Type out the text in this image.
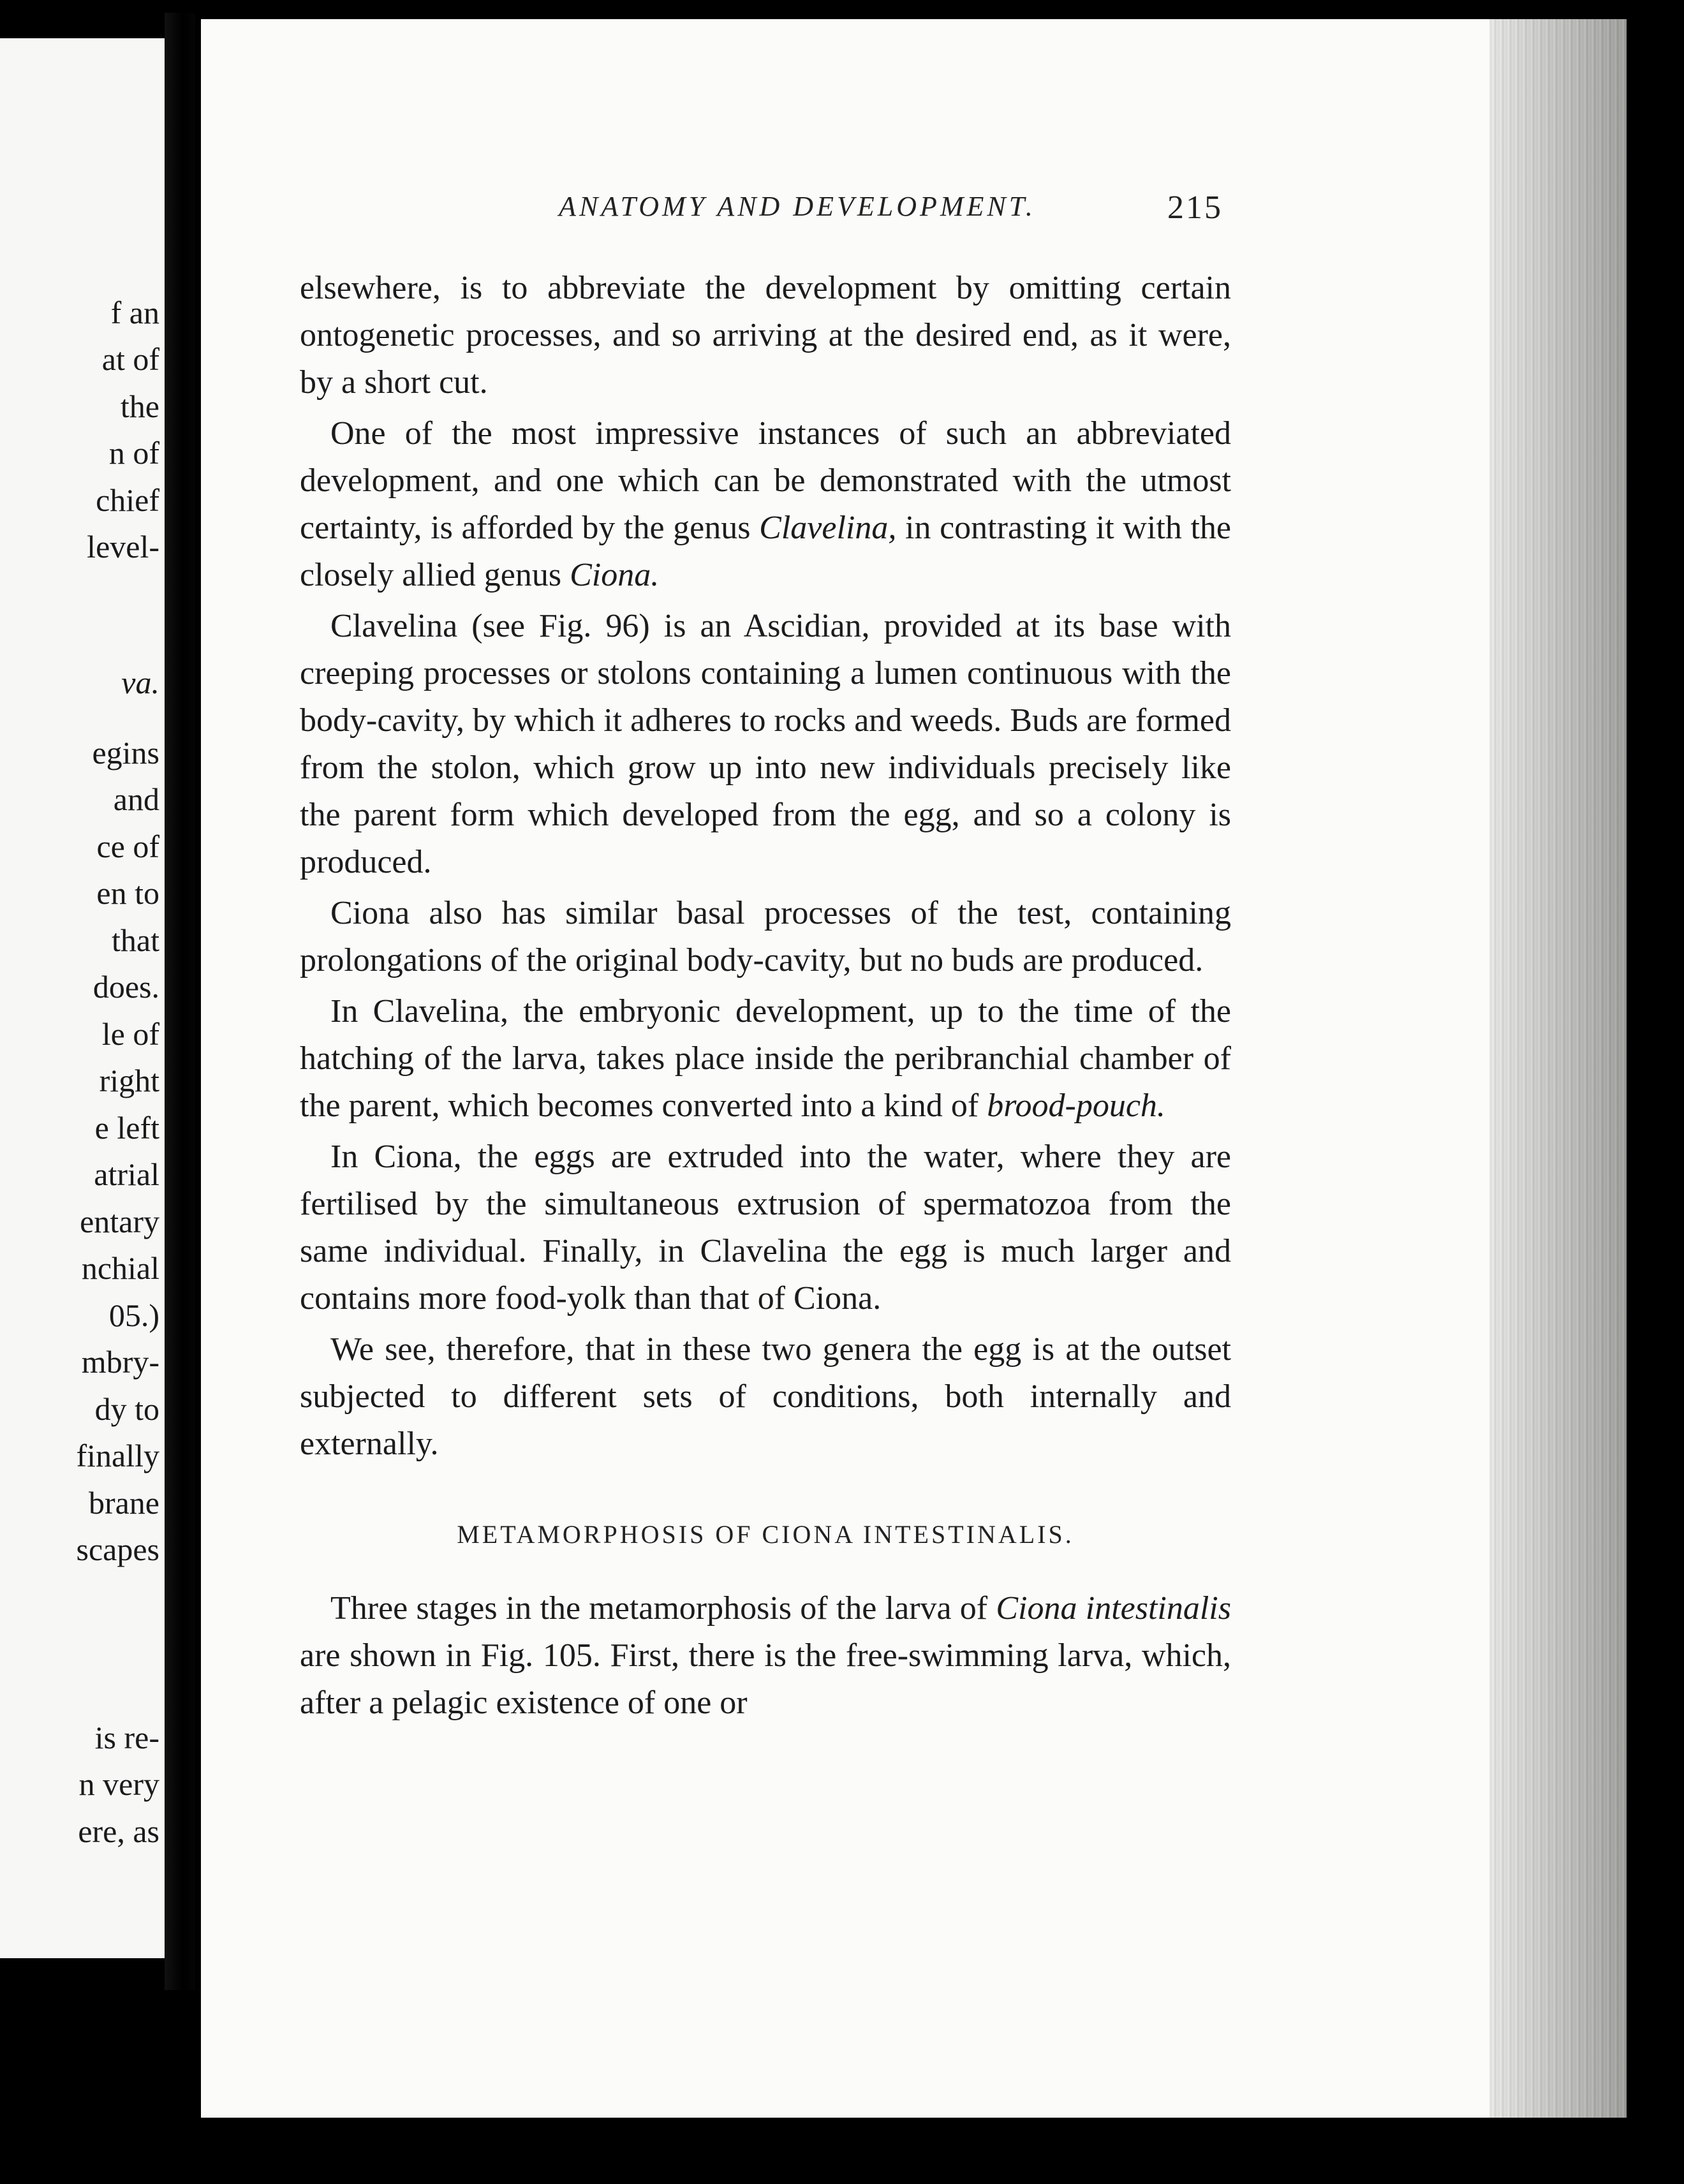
f an
at of
the
n of
chief
level-
va.
egins
and
ce of
en to
that
does.
le of
right
e left
atrial
entary
nchial
05.)
mbry-
dy to
finally
brane
scapes
is re-
n very
ere, as
ANATOMY AND DEVELOPMENT.	215

elsewhere, is to abbreviate the development by omitting certain ontogenetic processes, and so arriving at the desired end, as it were, by a short cut.

One of the most impressive instances of such an abbreviated development, and one which can be demonstrated with the utmost certainty, is afforded by the genus Clavelina, in contrasting it with the closely allied genus Ciona.

Clavelina (see Fig. 96) is an Ascidian, provided at its base with creeping processes or stolons containing a lumen continuous with the body-cavity, by which it adheres to rocks and weeds. Buds are formed from the stolon, which grow up into new individuals precisely like the parent form which developed from the egg, and so a colony is produced.

Ciona also has similar basal processes of the test, containing prolongations of the original body-cavity, but no buds are produced.

In Clavelina, the embryonic development, up to the time of the hatching of the larva, takes place inside the peribranchial chamber of the parent, which becomes converted into a kind of brood-pouch.

In Ciona, the eggs are extruded into the water, where they are fertilised by the simultaneous extrusion of spermatozoa from the same individual. Finally, in Clavelina the egg is much larger and contains more food-yolk than that of Ciona.

We see, therefore, that in these two genera the egg is at the outset subjected to different sets of conditions, both internally and externally.

METAMORPHOSIS OF CIONA INTESTINALIS.

Three stages in the metamorphosis of the larva of Ciona intestinalis are shown in Fig. 105. First, there is the free-swimming larva, which, after a pelagic existence of one or
